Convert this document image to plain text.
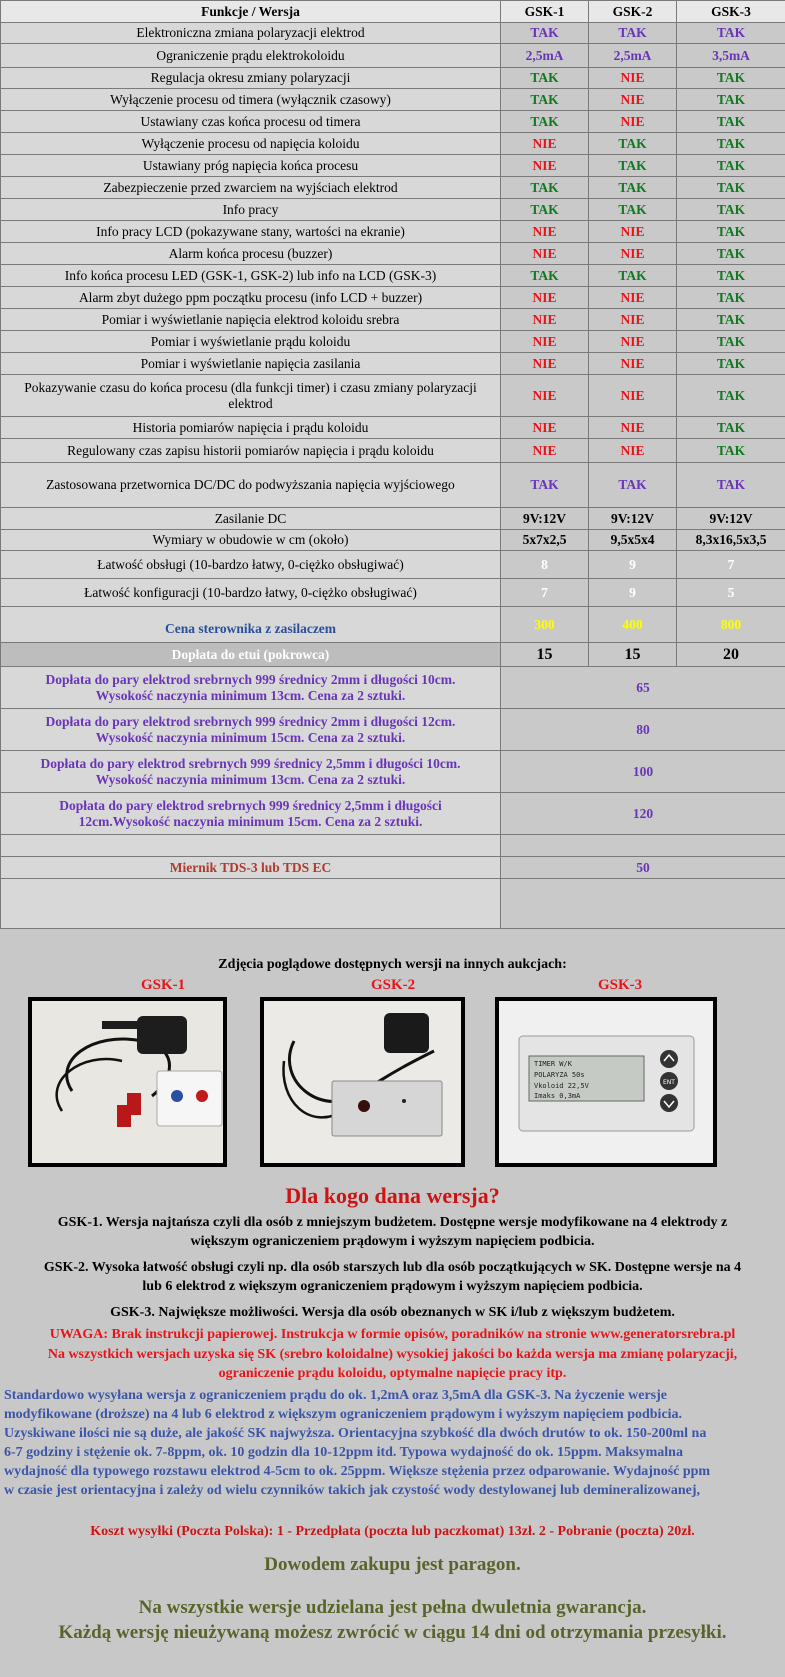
Funkcje / Wersja	GSK-1	GSK-2	GSK-3
Elektroniczna zmiana polaryzacji elektrod	TAK	TAK	TAK
Ograniczenie prądu elektrokoloidu	2,5mA	2,5mA	3,5mA
Regulacja okresu zmiany polaryzacji	TAK	NIE	TAK
Wyłączenie procesu od timera (wyłącznik czasowy)	TAK	NIE	TAK
Ustawiany czas końca procesu od timera	TAK	NIE	TAK
Wyłączenie procesu od napięcia koloidu	NIE	TAK	TAK
Ustawiany próg napięcia końca procesu	NIE	TAK	TAK
Zabezpieczenie przed zwarciem na wyjściach elektrod	TAK	TAK	TAK
Info pracy	TAK	TAK	TAK
Info pracy LCD (pokazywane stany, wartości na ekranie)	NIE	NIE	TAK
Alarm końca procesu (buzzer)	NIE	NIE	TAK
Info końca procesu LED (GSK-1, GSK-2) lub info na LCD (GSK-3)	TAK	TAK	TAK
Alarm zbyt dużego ppm początku procesu (info LCD + buzzer)	NIE	NIE	TAK
Pomiar i wyświetlanie napięcia elektrod koloidu srebra	NIE	NIE	TAK
Pomiar i wyświetlanie prądu koloidu	NIE	NIE	TAK
Pomiar i wyświetlanie napięcia zasilania	NIE	NIE	TAK
Pokazywanie czasu do końca procesu (dla funkcji timer) i czasu zmiany polaryzacji elektrod	NIE	NIE	TAK
Historia pomiarów napięcia i prądu koloidu	NIE	NIE	TAK
Regulowany czas zapisu historii pomiarów napięcia i prądu koloidu	NIE	NIE	TAK
Zastosowana przetwornica DC/DC do podwyższania napięcia wyjściowego	TAK	TAK	TAK
Zasilanie DC	9V:12V	9V:12V	9V:12V
Wymiary w obudowie w cm (około)	5x7x2,5	9,5x5x4	8,3x16,5x3,5
Łatwość obsługi (10-bardzo łatwy, 0-ciężko obsługiwać)	8	9	7
Łatwość konfiguracji (10-bardzo łatwy, 0-ciężko obsługiwać)	7	9	5
Cena sterownika z zasilaczem	300	400	800
Dopłata do etui (pokrowca)	15	15	20

Dopłata do pary elektrod srebrnych 999 średnicy 2mm i długości 10cm.
Wysokość naczynia minimum 13cm. Cena za 2 sztuki.	65		

Dopłata do pary elektrod srebrnych 999 średnicy 2mm i długości 12cm.
Wysokość naczynia minimum 15cm. Cena za 2 sztuki.	80		

Dopłata do pary elektrod srebrnych 999 średnicy 2,5mm i długości 10cm.
Wysokość naczynia minimum 13cm. Cena za 2 sztuki.	100		

Dopłata do pary elektrod srebrnych 999 średnicy 2,5mm i długości
12cm.Wysokość naczynia minimum 15cm. Cena za 2 sztuki.	120		

Miernik TDS-3 lub TDS EC	50		

Zdjęcia poglądowe dostępnych wersji na innych aukcjach:
GSK-1	GSK-2	GSK-3
TIMER W/K
POLARYZA 50s
Vkoloid 22,5V
Imaks 0,3mA
ENT
Dla kogo dana wersja?
GSK-1. Wersja najtańsza czyli dla osób z mniejszym budżetem. Dostępne wersje modyfikowane na 4 elektrody z
większym ograniczeniem prądowym i wyższym napięciem podbicia.
GSK-2. Wysoka łatwość obsługi czyli np. dla osób starszych lub dla osób początkujących w SK. Dostępne wersje na 4
lub 6 elektrod z większym ograniczeniem prądowym i wyższym napięciem podbicia.
GSK-3. Największe możliwości. Wersja dla osób obeznanych w SK i/lub z większym budżetem.
UWAGA: Brak instrukcji papierowej. Instrukcja w formie opisów, poradników na stronie www.generatorsrebra.pl
Na wszystkich wersjach uzyska się SK (srebro koloidalne) wysokiej jakości bo każda wersja ma zmianę polaryzacji,
ograniczenie prądu koloidu, optymalne napięcie pracy itp.
Standardowo wysyłana wersja z ograniczeniem prądu do ok. 1,2mA oraz 3,5mA dla GSK-3. Na życzenie wersje
modyfikowane (droższe) na 4 lub 6 elektrod z większym ograniczeniem prądowym i wyższym napięciem podbicia.
Uzyskiwane ilości nie są duże, ale jakość SK najwyższa. Orientacyjna szybkość dla dwóch drutów to ok. 150-200ml na
6-7 godziny i stężenie ok. 7-8ppm, ok. 10 godzin dla 10-12ppm itd. Typowa wydajność do ok. 15ppm. Maksymalna
wydajność dla typowego rozstawu elektrod 4-5cm to ok. 25ppm. Większe stężenia przez odparowanie. Wydajność ppm
w czasie jest orientacyjna i zależy od wielu czynników takich jak czystość wody destylowanej lub demineralizowanej,
Koszt wysyłki (Poczta Polska): 1 - Przedpłata (poczta lub paczkomat) 13zł. 2 - Pobranie (poczta) 20zł.
Dowodem zakupu jest paragon.
Na wszystkie wersje udzielana jest pełna dwuletnia gwarancja.
Każdą wersję nieużywaną możesz zwrócić w ciągu 14 dni od otrzymania przesyłki.
